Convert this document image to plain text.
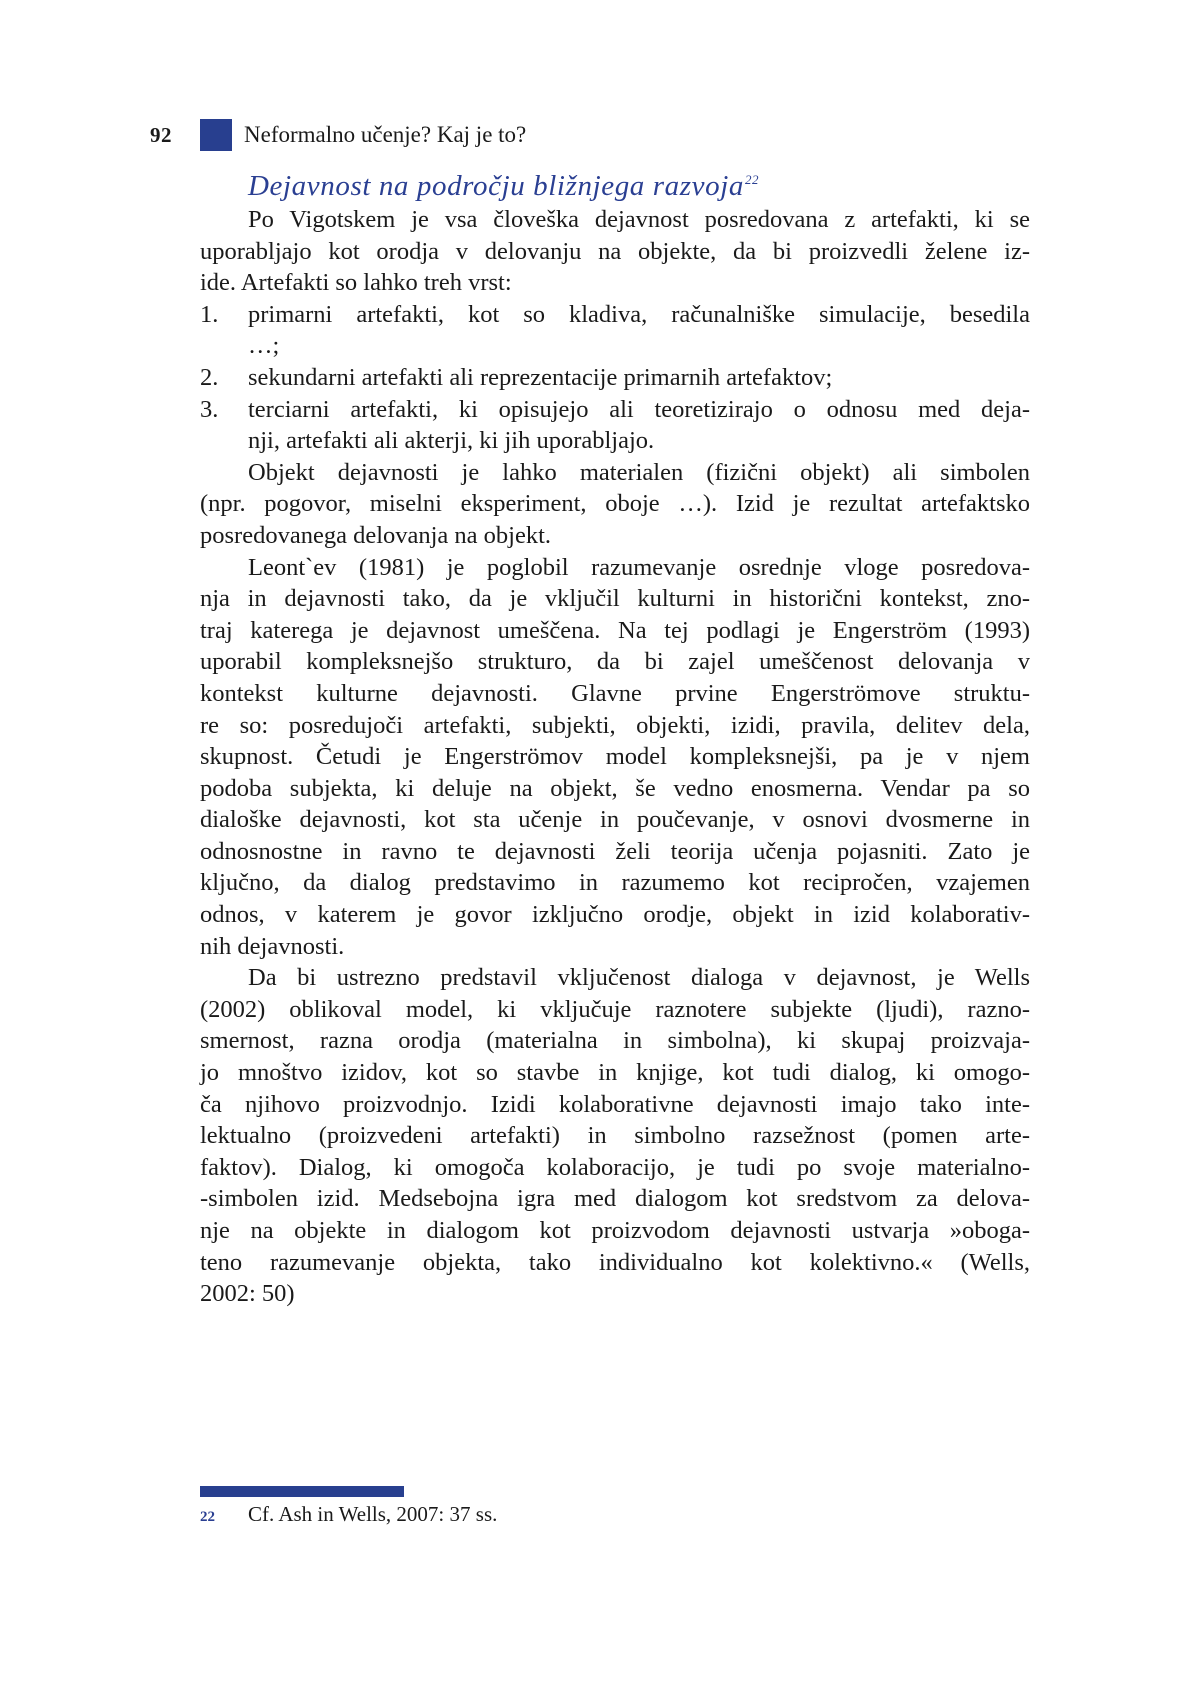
92	Neformalno učenje? Kaj je to?
Dejavnost na področju bližnjega razvoja$^{22}$
Po Vigotskem je vsa človeška dejavnost posredovana z artefakti, ki se
uporabljajo kot orodja v delovanju na objekte, da bi proizvedli želene iz-
ide. Artefakti so lahko treh vrst:
1.	primarni artefakti, kot so kladiva, računalniške simulacije, besedila
…;
2.	sekundarni artefakti ali reprezentacije primarnih artefaktov;
3.	terciarni artefakti, ki opisujejo ali teoretizirajo o odnosu med deja-
nji, artefakti ali akterji, ki jih uporabljajo.
Objekt dejavnosti je lahko materialen (fizični objekt) ali simbolen
(npr. pogovor, miselni eksperiment, oboje …). Izid je rezultat artefaktsko
posredovanega delovanja na objekt.
Leont`ev (1981) je poglobil razumevanje osrednje vloge posredova-
nja in dejavnosti tako, da je vključil kulturni in historični kontekst, zno-
traj katerega je dejavnost umeščena. Na tej podlagi je Engerström (1993)
uporabil kompleksnejšo strukturo, da bi zajel umeščenost delovanja v
kontekst kulturne dejavnosti. Glavne prvine Engerströmove struktu-
re so: posredujoči artefakti, subjekti, objekti, izidi, pravila, delitev dela,
skupnost. Četudi je Engerströmov model kompleksnejši, pa je v njem
podoba subjekta, ki deluje na objekt, še vedno enosmerna. Vendar pa so
dialoške dejavnosti, kot sta učenje in poučevanje, v osnovi dvosmerne in
odnosnostne in ravno te dejavnosti želi teorija učenja pojasniti. Zato je
ključno, da dialog predstavimo in razumemo kot recipročen, vzajemen
odnos, v katerem je govor izključno orodje, objekt in izid kolaborativ-
nih dejavnosti.
Da bi ustrezno predstavil vključenost dialoga v dejavnost, je Wells
(2002) oblikoval model, ki vključuje raznotere subjekte (ljudi), razno-
smernost, razna orodja (materialna in simbolna), ki skupaj proizvaja-
jo mnoštvo izidov, kot so stavbe in knjige, kot tudi dialog, ki omogo-
ča njihovo proizvodnjo. Izidi kolaborativne dejavnosti imajo tako inte-
lektualno (proizvedeni artefakti) in simbolno razsežnost (pomen arte-
faktov). Dialog, ki omogoča kolaboracijo, je tudi po svoje materialno-
-simbolen izid. Medsebojna igra med dialogom kot sredstvom za delova-
nje na objekte in dialogom kot proizvodom dejavnosti ustvarja »oboga-
teno razumevanje objekta, tako individualno kot kolektivno.« (Wells,
2002: 50)
22	Cf. Ash in Wells, 2007: 37 ss.
